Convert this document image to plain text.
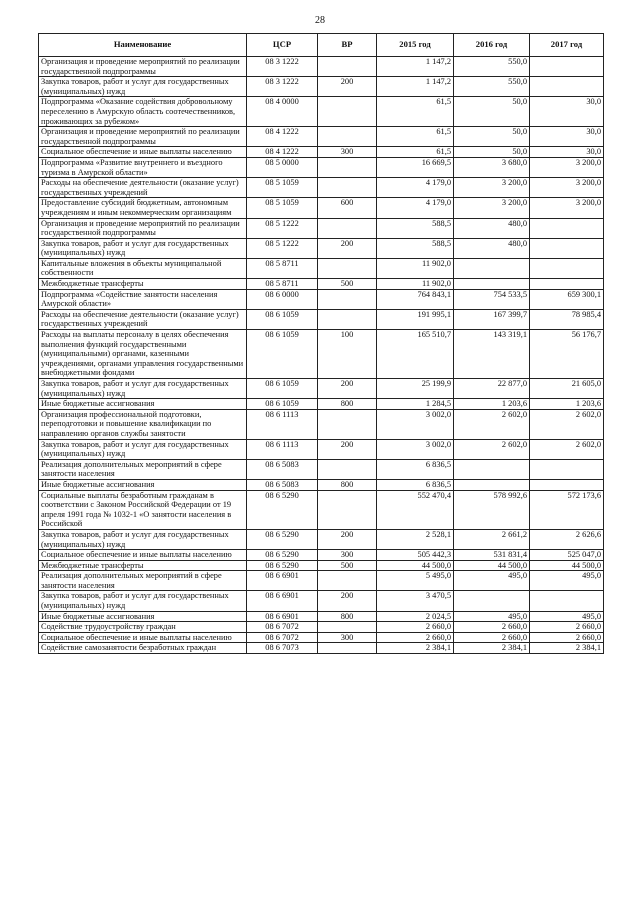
28
Наименование	ЦСР	ВР	2015 год	2016 год	2017 год
Организация и проведение мероприятий по реализации государственной подпрограммы	08 3 1222		1 147,2	550,0	
Закупка товаров, работ и услуг для государственных (муниципальных) нужд	08 3 1222	200	1 147,2	550,0	
Подпрограмма «Оказание содействия добровольному переселению в Амурскую область соотечественников, проживающих за рубежом»	08 4 0000		61,5	50,0	30,0
Организация и проведение мероприятий по реализации государственной подпрограммы	08 4 1222		61,5	50,0	30,0
Социальное обеспечение и иные выплаты населению	08 4 1222	300	61,5	50,0	30,0
Подпрограмма «Развитие внутреннего и въездного туризма в Амурской области»	08 5 0000		16 669,5	3 680,0	3 200,0
Расходы на обеспечение деятельности (оказание услуг) государственных учреждений	08 5 1059		4 179,0	3 200,0	3 200,0
Предоставление субсидий бюджетным, автономным учреждениям и иным некоммерческим организациям	08 5 1059	600	4 179,0	3 200,0	3 200,0
Организация и проведение мероприятий по реализации государственной подпрограммы	08 5 1222		588,5	480,0	
Закупка товаров, работ и услуг для государственных (муниципальных) нужд	08 5 1222	200	588,5	480,0	
Капитальные вложения в объекты муниципальной собственности	08 5 8711		11 902,0		
Межбюджетные трансферты	08 5 8711	500	11 902,0		
Подпрограмма «Содействие занятости населения Амурской области»	08 6 0000		764 843,1	754 533,5	659 300,1
Расходы на обеспечение деятельности (оказание услуг) государственных учреждений	08 6 1059		191 995,1	167 399,7	78 985,4
Расходы на выплаты персоналу в целях обеспечения выполнения функций государственными (муниципальными) органами, казенными учреждениями, органами управления государственными внебюджетными фондами	08 6 1059	100	165 510,7	143 319,1	56 176,7
Закупка товаров, работ и услуг для государственных (муниципальных) нужд	08 6 1059	200	25 199,9	22 877,0	21 605,0
Иные бюджетные ассигнования	08 6 1059	800	1 284,5	1 203,6	1 203,6
Организация профессиональной подготовки, переподготовки и повышение квалификации по направлению органов службы занятости	08 6 1113		3 002,0	2 602,0	2 602,0
Закупка товаров, работ и услуг для государственных (муниципальных) нужд	08 6 1113	200	3 002,0	2 602,0	2 602,0
Реализация дополнительных мероприятий в сфере занятости населения	08 6 5083		6 836,5		
Иные бюджетные ассигнования	08 6 5083	800	6 836,5		
Социальные выплаты безработным гражданам в соответствии с Законом Российской Федерации от 19 апреля 1991 года № 1032-1 «О занятости населения в Российской	08 6 5290		552 470,4	578 992,6	572 173,6
Закупка товаров, работ и услуг для государственных (муниципальных) нужд	08 6 5290	200	2 528,1	2 661,2	2 626,6
Социальное обеспечение и иные выплаты населению	08 6 5290	300	505 442,3	531 831,4	525 047,0
Межбюджетные трансферты	08 6 5290	500	44 500,0	44 500,0	44 500,0
Реализация дополнительных мероприятий в сфере занятости населения	08 6 6901		5 495,0	495,0	495,0
Закупка товаров, работ и услуг для государственных (муниципальных) нужд	08 6 6901	200	3 470,5		
Иные бюджетные ассигнования	08 6 6901	800	2 024,5	495,0	495,0
Содействие трудоустройству граждан	08 6 7072		2 660,0	2 660,0	2 660,0
Социальное обеспечение и иные выплаты населению	08 6 7072	300	2 660,0	2 660,0	2 660,0
Содействие самозанятости безработных граждан	08 6 7073		2 384,1	2 384,1	2 384,1
